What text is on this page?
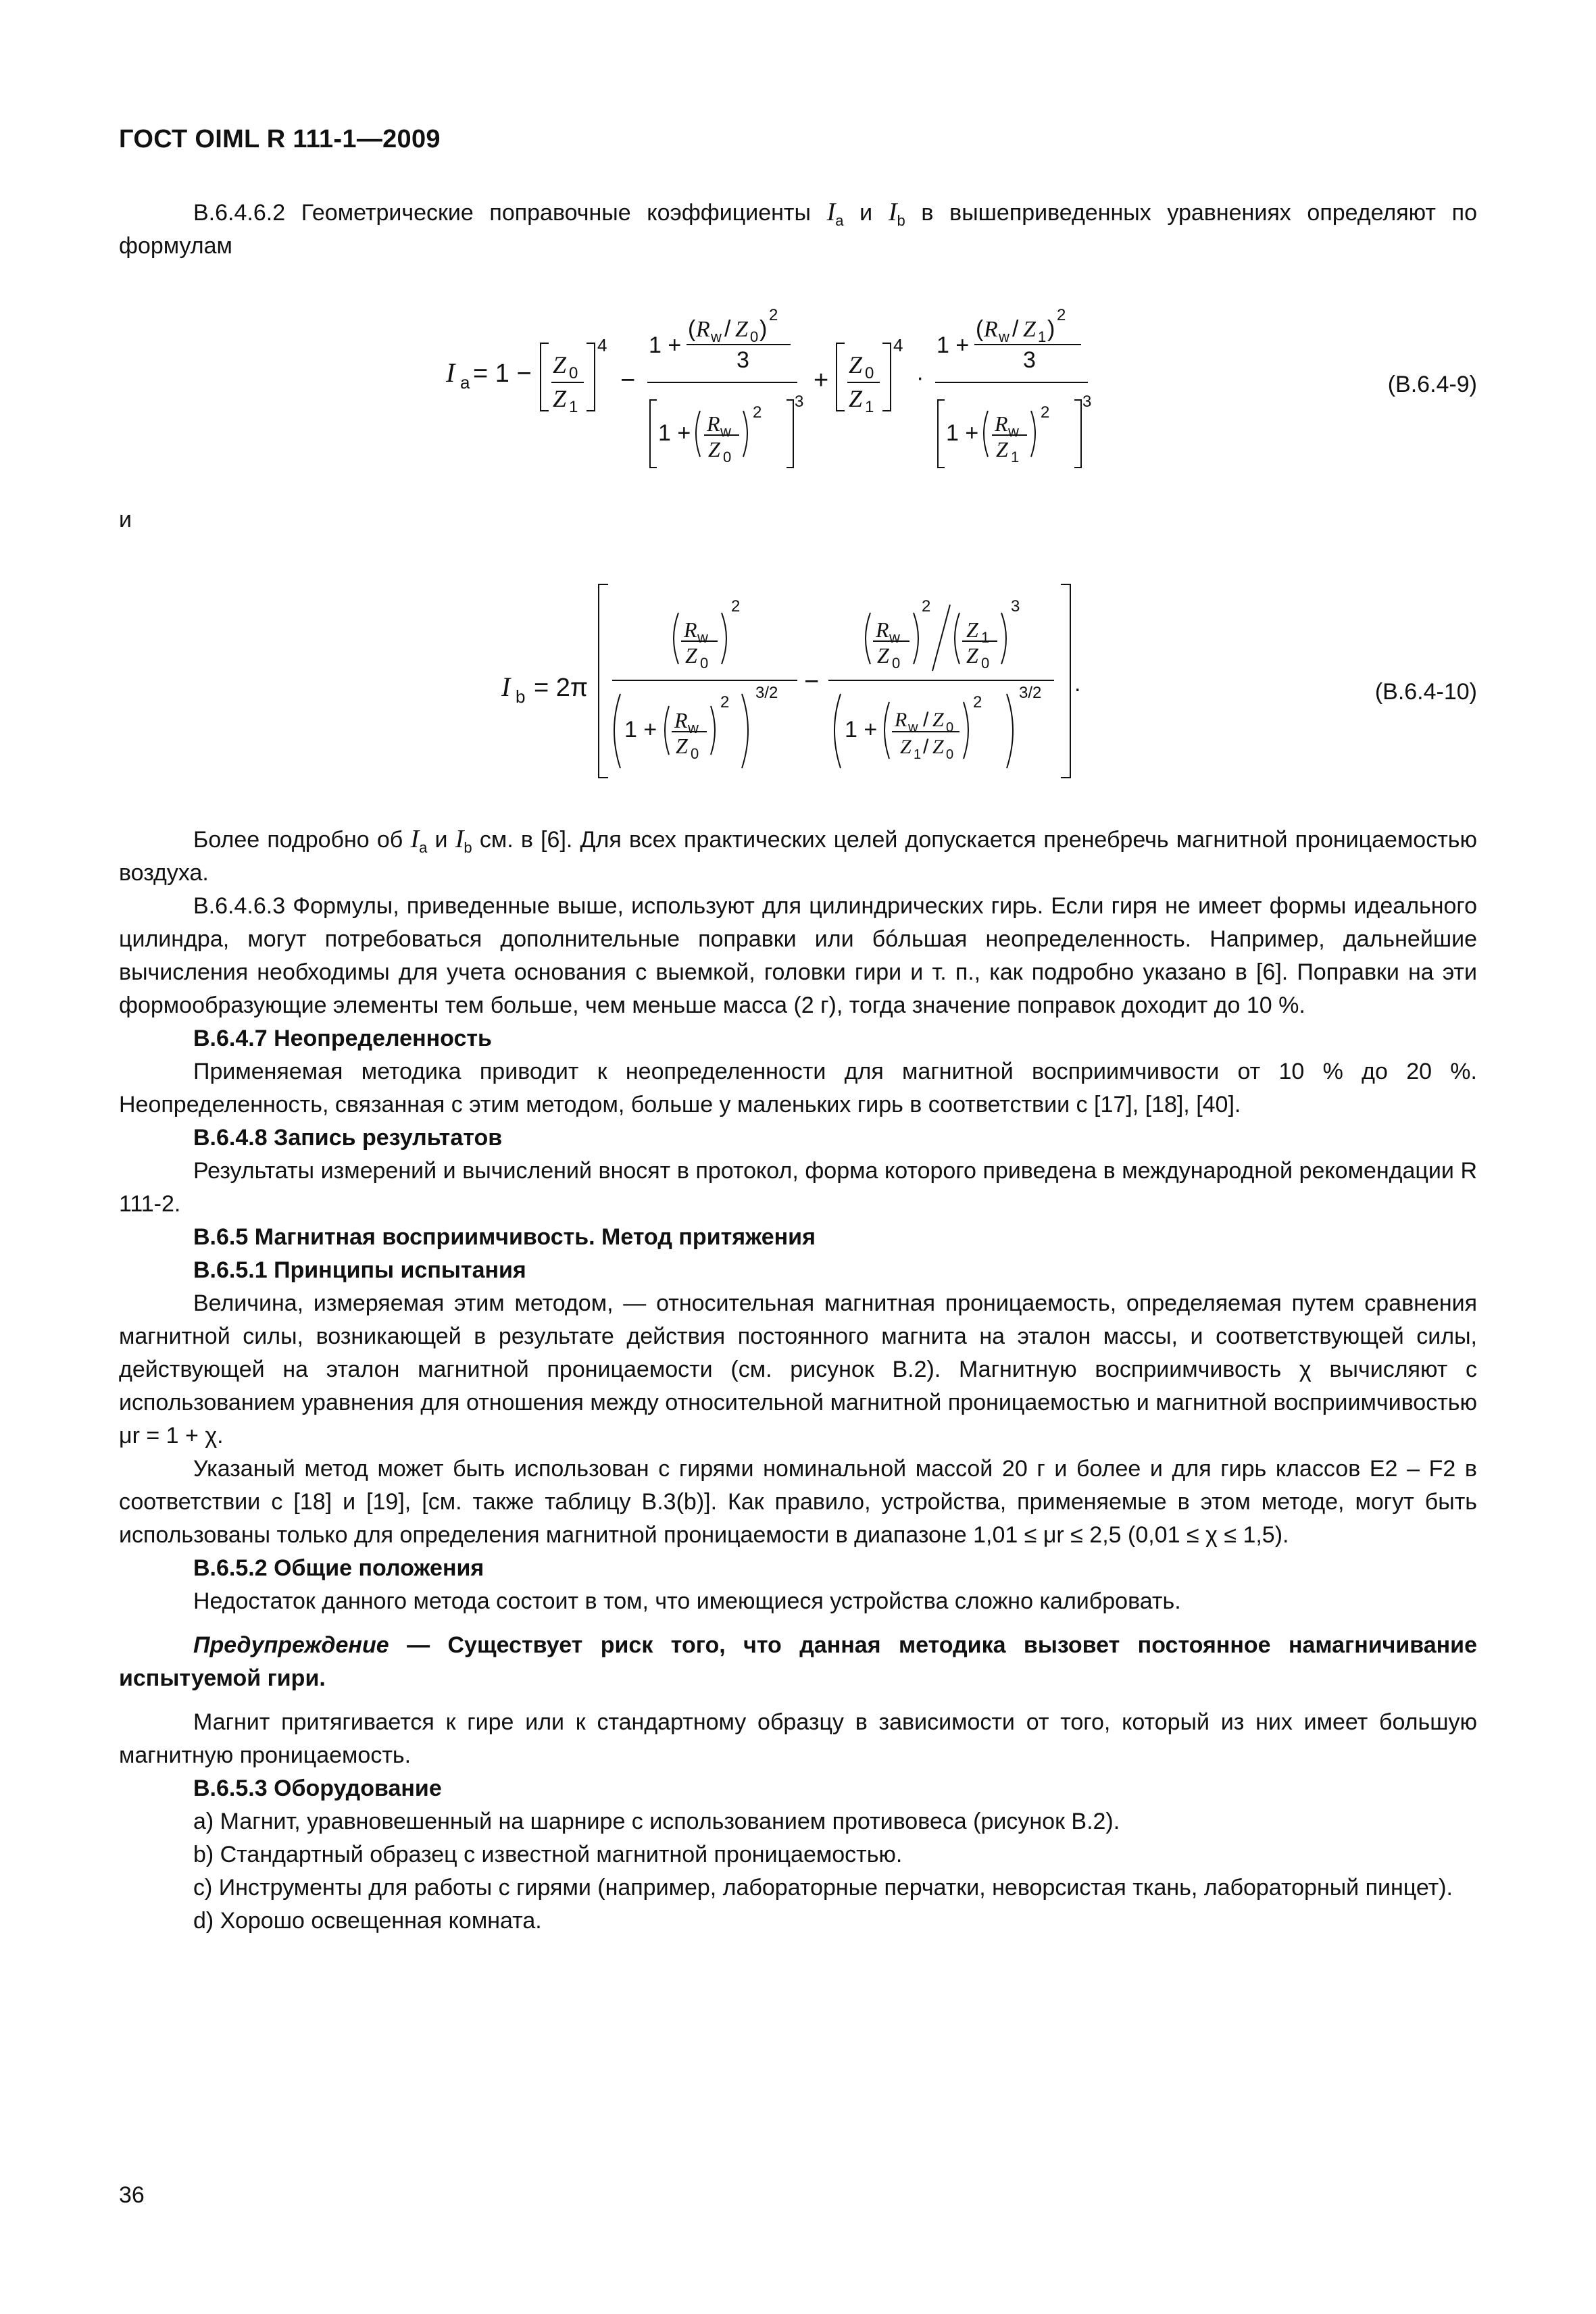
ГОСТ OIML R 111-1—2009

В.6.4.6.2 Геометрические поправочные коэффициенты $I_a$ и $I_b$ в вышеприведенных уравнениях определяют по формулам

I a = 1 − Z 0
Z 1
4
−
1 +
( R w / Z 0 )
2
3
1 + R w
Z 0
2
3
+
Z 0
Z 1
4
·
1 +
( R w / Z 1 )
2
3
1 + R w
Z 1
2
3
(В.6.4-9)
и
I b = 2π	.
R w
Z 0
2
1 + R w
Z 0
2
3/2 −
R w
Z 0
2
Z 1
Z 0
3
1 + R w / Z 0
Z 1 / Z 0
2
3/2	(В.6.4-10)

Более подробно об $I_a$ и $I_b$ см. в [6]. Для всех практических целей допускается пренебречь магнитной проницаемостью воздуха.

В.6.4.6.3 Формулы, приведенные выше, используют для цилиндрических гирь. Если гиря не имеет формы идеального цилиндра, могут потребоваться дополнительные поправки или бóльшая неопределенность. Например, дальнейшие вычисления необходимы для учета основания с выемкой, головки гири и т. п., как подробно указано в [6]. Поправки на эти формообразующие элементы тем больше, чем меньше масса (2 г), тогда значение поправок доходит до 10 %.

В.6.4.7 Неопределенность

Применяемая методика приводит к неопределенности для магнитной восприимчивости от 10 % до 20 %. Неопределенность, связанная с этим методом, больше у маленьких гирь в соответствии с [17], [18], [40].

В.6.4.8 Запись результатов

Результаты измерений и вычислений вносят в протокол, форма которого приведена в международной рекомендации R 111-2.

В.6.5 Магнитная восприимчивость. Метод притяжения

В.6.5.1 Принципы испытания

Величина, измеряемая этим методом, — относительная магнитная проницаемость, определяемая путем сравнения магнитной силы, возникающей в результате действия постоянного магнита на эталон массы, и соответствующей силы, действующей на эталон магнитной проницаемости (см. рисунок В.2). Магнитную восприимчивость χ вычисляют с использованием уравнения для отношения между относительной магнитной проницаемостью и магнитной восприимчивостью μr = 1 + χ.

Указаный метод может быть использован с гирями номинальной массой 20 г и более и для гирь классов E2 – F2 в соответствии с [18] и [19], [см. также таблицу В.3(b)]. Как правило, устройства, применяемые в этом методе, могут быть использованы только для определения магнитной проницаемости в диапазоне 1,01 ≤ μr ≤ 2,5 (0,01 ≤ χ ≤ 1,5).

В.6.5.2 Общие положения

Недостаток данного метода состоит в том, что имеющиеся устройства сложно калибровать.

Предупреждение — Существует риск того, что данная методика вызовет постоянное намагничивание испытуемой гири.

Магнит притягивается к гире или к стандартному образцу в зависимости от того, который из них имеет большую магнитную проницаемость.

В.6.5.3 Оборудование

a) Магнит, уравновешенный на шарнире с использованием противовеса (рисунок В.2).

b) Стандартный образец с известной магнитной проницаемостью.

c) Инструменты для работы с гирями (например, лабораторные перчатки, неворсистая ткань, лабораторный пинцет).

d) Хорошо освещенная комната.

36
